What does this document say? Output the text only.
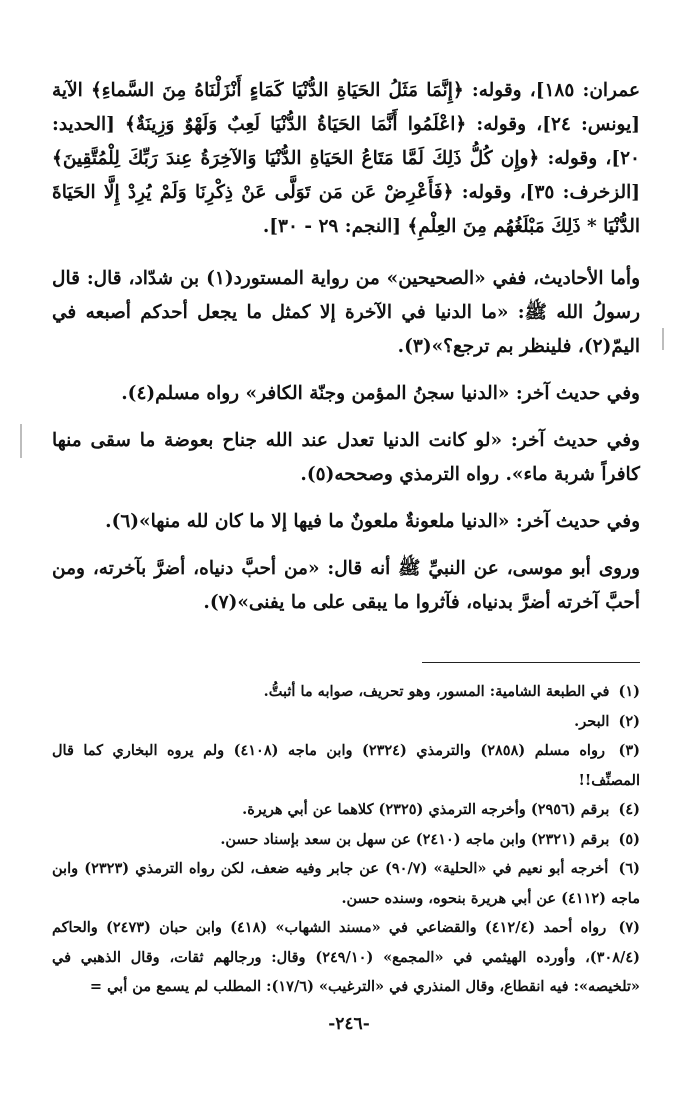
عمران: ١٨٥]، وقوله: ﴿إِنَّمَا مَثَلُ الحَيَاةِ الدُّنْيَا كَمَاءٍ أَنْزَلْنَاهُ مِنَ السَّماءِ﴾ الآية [يونس: ٢٤]، وقوله: ﴿اعْلَمُوا أَنَّمَا الحَيَاةُ الدُّنْيَا لَعِبٌ وَلَهْوٌ وَزِينَةٌ﴾ [الحديد: ٢٠]، وقوله: ﴿وإِن كُلُّ ذَلِكَ لَمَّا مَتَاعُ الحَيَاةِ الدُّنْيَا وَالآخِرَةُ عِندَ رَبِّكَ لِلْمُتَّقِينَ﴾ [الزخرف: ٣٥]، وقوله: ﴿فَأَعْرِضْ عَن مَن تَوَلَّى عَنْ ذِكْرِنَا وَلَمْ يُرِدْ إِلَّا الحَيَاةَ الدُّنْيَا * ذَلِكَ مَبْلَغُهُم مِنَ العِلْمِ﴾ [النجم: ٢٩ - ٣٠].

وأما الأحاديث، ففي «الصحيحين» من رواية المستورد(١) بن شدّاد، قال: قال رسولُ الله ﷺ: «ما الدنيا في الآخرة إلا كمثل ما يجعل أحدكم أصبعه في اليمّ(٢)، فلينظر بم ترجع؟»(٣).

وفي حديث آخر: «الدنيا سجنُ المؤمن وجنّة الكافر» رواه مسلم(٤).

وفي حديث آخر: «لو كانت الدنيا تعدل عند الله جناح بعوضة ما سقى منها كافراً شربة ماء». رواه الترمذي وصححه(٥).

وفي حديث آخر: «الدنيا ملعونةٌ ملعونٌ ما فيها إلا ما كان لله منها»(٦).

وروى أبو موسى، عن النبيِّ ﷺ أنه قال: «من أحبَّ دنياه، أضرَّ بآخرته، ومن أحبَّ آخرته أضرَّ بدنياه، فآثروا ما يبقى على ما يفنى»(٧).

(١) في الطبعة الشامية: المسور، وهو تحريف، صوابه ما أثبتُّ.

(٢) البحر.

(٣) رواه مسلم (٢٨٥٨) والترمذي (٢٣٢٤) وابن ماجه (٤١٠٨) ولم يروه البخاري كما قال المصنِّف!!

(٤) برقم (٢٩٥٦) وأخرجه الترمذي (٢٣٢٥) كلاهما عن أبي هريرة.

(٥) برقم (٢٣٢١) وابن ماجه (٢٤١٠) عن سهل بن سعد بإسناد حسن.

(٦) أخرجه أبو نعيم في «الحلية» (٩٠/٧) عن جابر وفيه ضعف، لكن رواه الترمذي (٢٣٢٣) وابن ماجه (٤١١٢) عن أبي هريرة بنحوه، وسنده حسن.

(٧) رواه أحمد (٤١٢/٤) والقضاعي في «مسند الشهاب» (٤١٨) وابن حبان (٢٤٧٣) والحاكم (٣٠٨/٤)، وأورده الهيثمي في «المجمع» (٢٤٩/١٠) وقال: ورجالهم ثقات، وقال الذهبي في «تلخيصه»: فيه انقطاع، وقال المنذري في «الترغيب» (١٧/٦): المطلب لم يسمع من أبي =

-٢٤٦-
